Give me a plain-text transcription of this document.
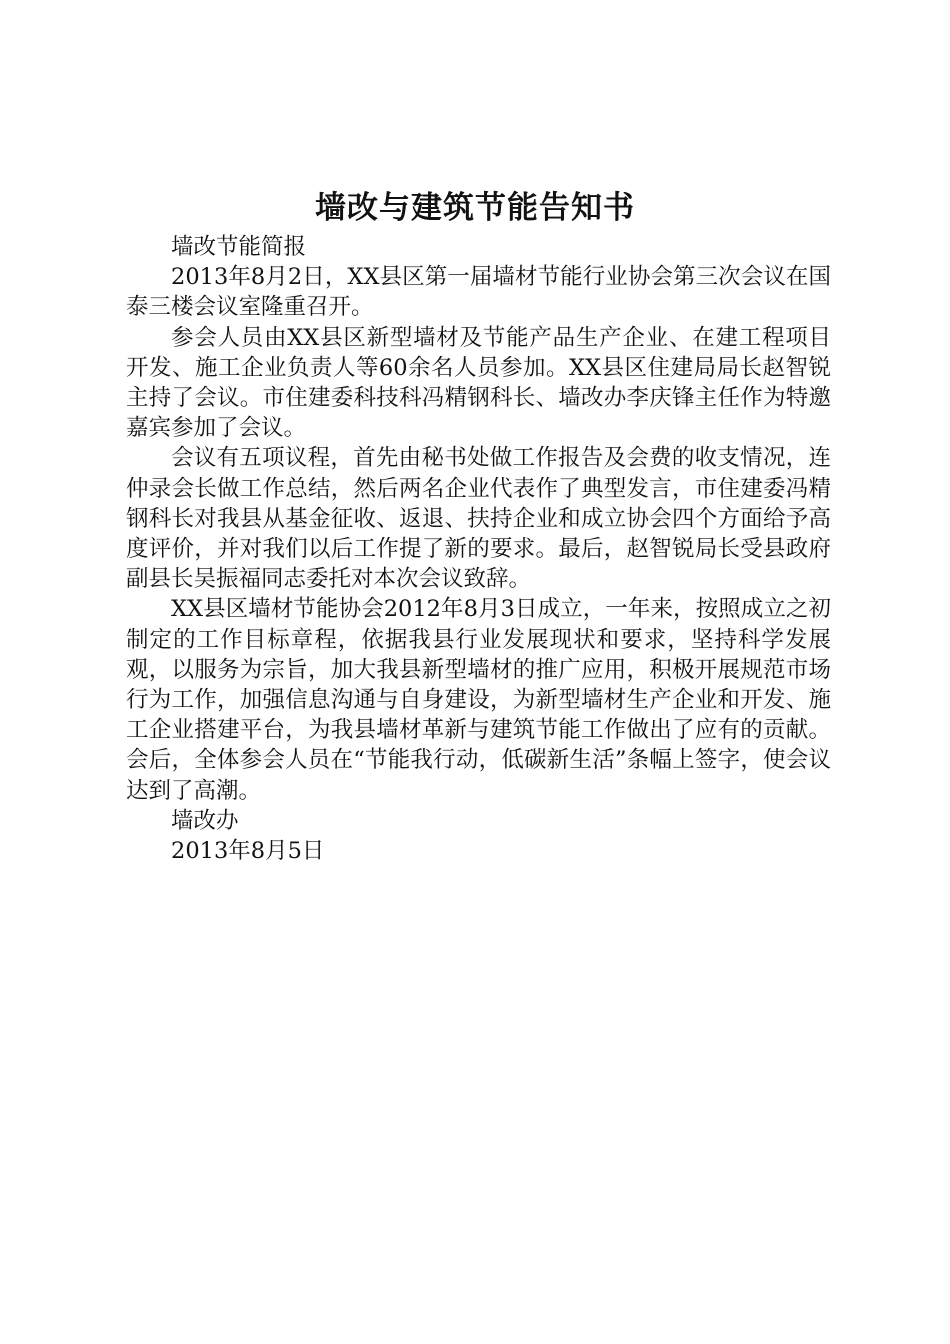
墙改与建筑节能告知书

墙改节能简报

2013年8月2日，XX县区第一届墙材节能行业协会第三次会议在国泰三楼会议室隆重召开。

参会人员由XX县区新型墙材及节能产品生产企业、在建工程项目开发、施工企业负责人等60余名人员参加。XX县区住建局局长赵智锐主持了会议。市住建委科技科冯精钢科长、墙改办李庆锋主任作为特邀嘉宾参加了会议。

会议有五项议程，首先由秘书处做工作报告及会费的收支情况，连仲录会长做工作总结，然后两名企业代表作了典型发言，市住建委冯精钢科长对我县从基金征收、返退、扶持企业和成立协会四个方面给予高度评价，并对我们以后工作提了新的要求。最后，赵智锐局长受县政府副县长吴振福同志委托对本次会议致辞。

XX县区墙材节能协会2012年8月3日成立，一年来，按照成立之初制定的工作目标章程，依据我县行业发展现状和要求，坚持科学发展观，以服务为宗旨，加大我县新型墙材的推广应用，积极开展规范市场行为工作，加强信息沟通与自身建设，为新型墙材生产企业和开发、施工企业搭建平台，为我县墙材革新与建筑节能工作做出了应有的贡献。会后，全体参会人员在“节能我行动，低碳新生活”条幅上签字，使会议达到了高潮。

墙改办

2013年8月5日
